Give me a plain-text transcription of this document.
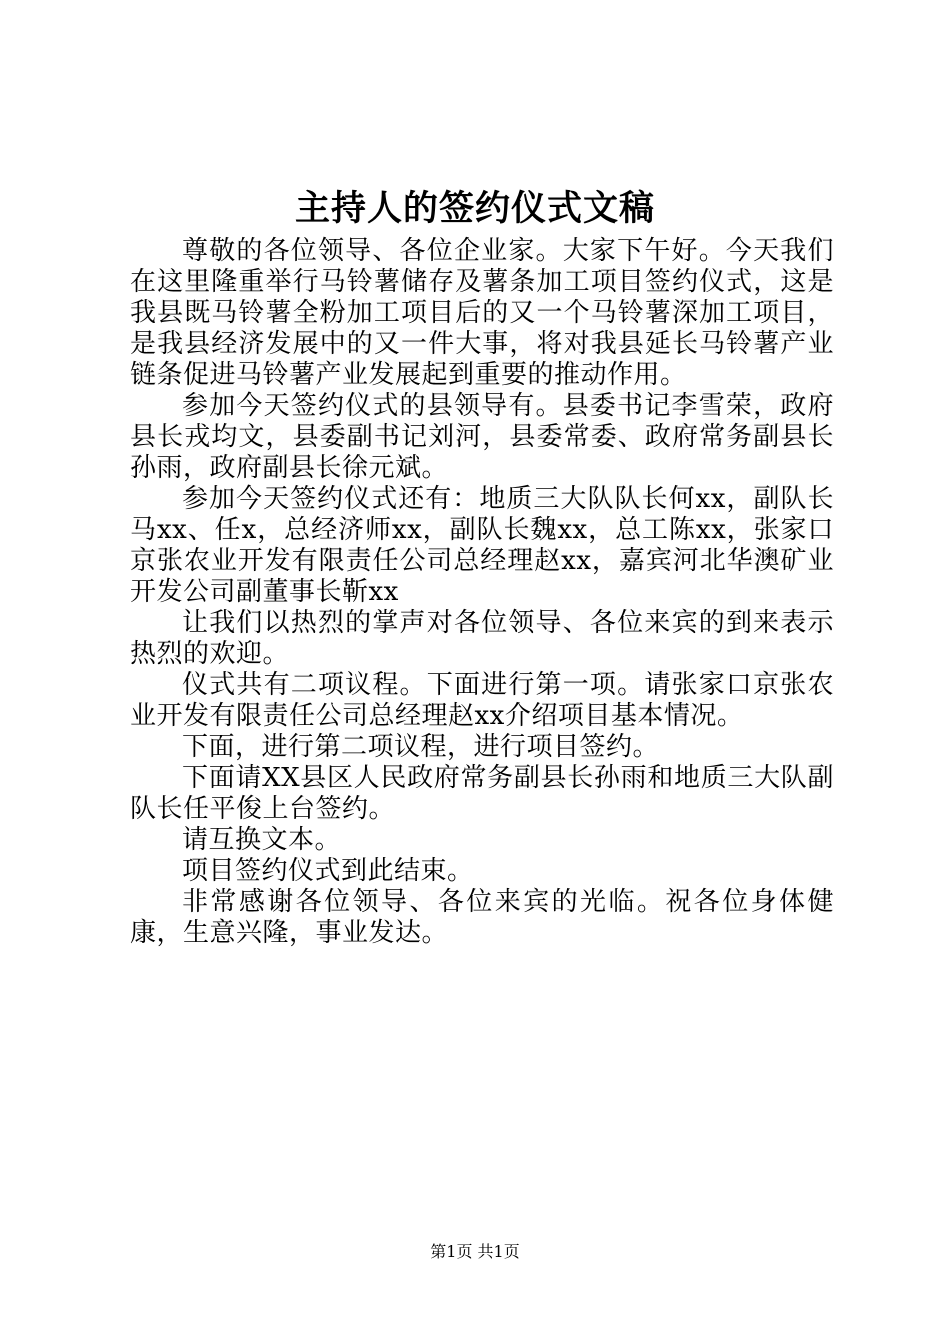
主持人的签约仪式文稿

尊敬的各位领导、各位企业家。大家下午好。今天我们在这里隆重举行马铃薯储存及薯条加工项目签约仪式，这是我县既马铃薯全粉加工项目后的又一个马铃薯深加工项目，是我县经济发展中的又一件大事，将对我县延长马铃薯产业链条促进马铃薯产业发展起到重要的推动作用。

参加今天签约仪式的县领导有。县委书记李雪荣，政府县长戎均文，县委副书记刘河，县委常委、政府常务副县长孙雨，政府副县长徐元斌。

参加今天签约仪式还有：地质三大队队长何xx，副队长马xx、任x，总经济师xx，副队长魏xx，总工陈xx，张家口京张农业开发有限责任公司总经理赵xx，嘉宾河北华澳矿业开发公司副董事长靳xx

让我们以热烈的掌声对各位领导、各位来宾的到来表示热烈的欢迎。

仪式共有二项议程。下面进行第一项。请张家口京张农业开发有限责任公司总经理赵xx介绍项目基本情况。

下面，进行第二项议程，进行项目签约。

下面请XX县区人民政府常务副县长孙雨和地质三大队副队长任平俊上台签约。

请互换文本。

项目签约仪式到此结束。

非常感谢各位领导、各位来宾的光临。祝各位身体健康，生意兴隆，事业发达。

第1页 共1页
